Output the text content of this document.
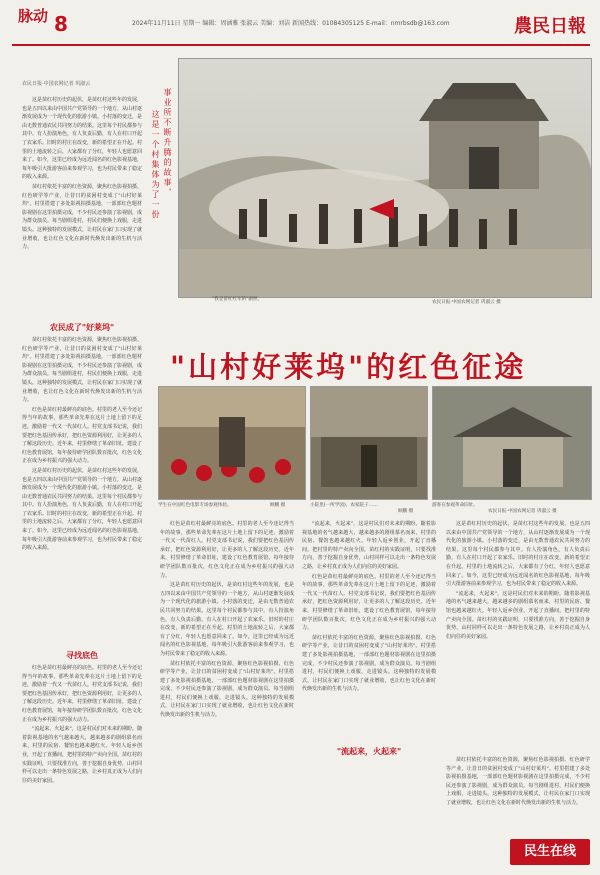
脉动 8	2024年11月11日 星期一 编辑：周涵雅 张淑云 美编：刘洁 新闻热线：01084305125 E-mail：nmrbsdb@163.com	農民日報
农民日报·中国农网记者 巩淑云

这是苗红村历史的起伏，是苗红村这些年的发展，也是五四以来由中国共产党领导的一个地方，从山村逐渐发展成为一个现代化的旅游小镇。小村落的变迁，是由无数普通农民共同努力的结果。这里每个村民都参与其中。有人扮演角色，有人负责后勤，有人在村口开起了农家乐。旧时的村庄在改变，新的希望正在升起。村里的土地流转之后，大家都有了分红，年轻人也愿意回来了。如今，这里已经成为远近闻名的红色影视基地，每年吸引大批游客前来参观学习，也为村民带来了稳定的收入来源。

苗红村依托丰富的红色资源，聚焦红色影视拍摄、红色研学等产业，让昔日的贫困村变成了"山村好莱坞"。村里搭建了多处影视拍摄基地，一部部红色题材影视剧在这里拍摄完成，不少村民还参演了影视剧，成为群众演员。每当剧组进村，村民们便换上戏服，走进镜头。这种独特的发展模式，让村民在家门口实现了就业增收，也让红色文化在新时代焕发出新的生机与活力。

事业所不断升腾的故事，
这是一个村集体为了一份
农民日报·中国农网记者 巩淑云 摄
"我是苗红红军的"剧照。
农民成了"好莱坞"

苗红村依托丰富的红色资源，聚焦红色影视拍摄、红色研学等产业，让昔日的贫困村变成了"山村好莱坞"。村里搭建了多处影视拍摄基地，一部部红色题材影视剧在这里拍摄完成，不少村民还参演了影视剧，成为群众演员。每当剧组进村，村民们便换上戏服，走进镜头。这种独特的发展模式，让村民在家门口实现了就业增收，也让红色文化在新时代焕发出新的生机与活力。

红色是苗红村最鲜亮的底色。村里的老人至今还记得当年的故事，那些革命先辈在这片土地上留下的足迹，激励着一代又一代苗红人。村党支部书记说，我们要把红色基因传承好，把红色资源利用好，让更多的人了解这段历史。近年来，村里修缮了革命旧址，建设了红色教育展馆，每年接待研学团队数百批次，红色文化正在成为乡村振兴的强大动力。

这是苗红村历史的起伏，是苗红村这些年的发展，也是五四以来由中国共产党领导的一个地方，从山村逐渐发展成为一个现代化的旅游小镇。小村落的变迁，是由无数普通农民共同努力的结果。这里每个村民都参与其中。有人扮演角色，有人负责后勤，有人在村口开起了农家乐。旧时的村庄在改变，新的希望正在升起。村里的土地流转之后，大家都有了分红，年轻人也愿意回来了。如今，这里已经成为远近闻名的红色影视基地，每年吸引大批游客前来参观学习，也为村民带来了稳定的收入来源。

"山村好莱坞"的红色征途
学生在中国红色电影专场参观体验。	顾鹏 摄	小院里(一所学园)，农家院子……
顾鹏 摄
游客在参观革命旧址。
农民日报·中国农网记者 巩淑云 摄

红色是苗红村最鲜亮的底色。村里的老人至今还记得当年的故事，那些革命先辈在这片土地上留下的足迹，激励着一代又一代苗红人。村党支部书记说，我们要把红色基因传承好，把红色资源利用好，让更多的人了解这段历史。近年来，村里修缮了革命旧址，建设了红色教育展馆，每年接待研学团队数百批次，红色文化正在成为乡村振兴的强大动力。

这是苗红村历史的起伏，是苗红村这些年的发展，也是五四以来由中国共产党领导的一个地方，从山村逐渐发展成为一个现代化的旅游小镇。小村落的变迁，是由无数普通农民共同努力的结果。这里每个村民都参与其中。有人扮演角色，有人负责后勤，有人在村口开起了农家乐。旧时的村庄在改变，新的希望正在升起。村里的土地流转之后，大家都有了分红，年轻人也愿意回来了。如今，这里已经成为远近闻名的红色影视基地，每年吸引大批游客前来参观学习，也为村民带来了稳定的收入来源。

苗红村依托丰富的红色资源，聚焦红色影视拍摄、红色研学等产业，让昔日的贫困村变成了"山村好莱坞"。村里搭建了多处影视拍摄基地，一部部红色题材影视剧在这里拍摄完成，不少村民还参演了影视剧，成为群众演员。每当剧组进村，村民们便换上戏服，走进镜头。这种独特的发展模式，让村民在家门口实现了就业增收，也让红色文化在新时代焕发出新的生机与活力。

"流起来，火起来"，这是村民们对未来的期盼。随着影视基地的名气越来越大，越来越多的剧组慕名而来，村里的民宿、餐馆也越来越红火。年轻人返乡创业，开起了直播间，把村里的特产卖向全国。苗红村的实践证明，只要找准方向，善于挖掘自身优势，山村同样可以走出一条特色发展之路，让乡村真正成为人们向往的美好家园。

红色是苗红村最鲜亮的底色。村里的老人至今还记得当年的故事，那些革命先辈在这片土地上留下的足迹，激励着一代又一代苗红人。村党支部书记说，我们要把红色基因传承好，把红色资源利用好，让更多的人了解这段历史。近年来，村里修缮了革命旧址，建设了红色教育展馆，每年接待研学团队数百批次，红色文化正在成为乡村振兴的强大动力。

苗红村依托丰富的红色资源，聚焦红色影视拍摄、红色研学等产业，让昔日的贫困村变成了"山村好莱坞"。村里搭建了多处影视拍摄基地，一部部红色题材影视剧在这里拍摄完成，不少村民还参演了影视剧，成为群众演员。每当剧组进村，村民们便换上戏服，走进镜头。这种独特的发展模式，让村民在家门口实现了就业增收，也让红色文化在新时代焕发出新的生机与活力。

这是苗红村历史的起伏，是苗红村这些年的发展，也是五四以来由中国共产党领导的一个地方，从山村逐渐发展成为一个现代化的旅游小镇。小村落的变迁，是由无数普通农民共同努力的结果。这里每个村民都参与其中。有人扮演角色，有人负责后勤，有人在村口开起了农家乐。旧时的村庄在改变，新的希望正在升起。村里的土地流转之后，大家都有了分红，年轻人也愿意回来了。如今，这里已经成为远近闻名的红色影视基地，每年吸引大批游客前来参观学习，也为村民带来了稳定的收入来源。

"流起来，火起来"，这是村民们对未来的期盼。随着影视基地的名气越来越大，越来越多的剧组慕名而来，村里的民宿、餐馆也越来越红火。年轻人返乡创业，开起了直播间，把村里的特产卖向全国。苗红村的实践证明，只要找准方向，善于挖掘自身优势，山村同样可以走出一条特色发展之路，让乡村真正成为人们向往的美好家园。

寻找底色

红色是苗红村最鲜亮的底色。村里的老人至今还记得当年的故事，那些革命先辈在这片土地上留下的足迹，激励着一代又一代苗红人。村党支部书记说，我们要把红色基因传承好，把红色资源利用好，让更多的人了解这段历史。近年来，村里修缮了革命旧址，建设了红色教育展馆，每年接待研学团队数百批次，红色文化正在成为乡村振兴的强大动力。

"流起来，火起来"，这是村民们对未来的期盼。随着影视基地的名气越来越大，越来越多的剧组慕名而来，村里的民宿、餐馆也越来越红火。年轻人返乡创业，开起了直播间，把村里的特产卖向全国。苗红村的实践证明，只要找准方向，善于挖掘自身优势，山村同样可以走出一条特色发展之路，让乡村真正成为人们向往的美好家园。

"流起来，火起来"

苗红村依托丰富的红色资源，聚焦红色影视拍摄、红色研学等产业，让昔日的贫困村变成了"山村好莱坞"。村里搭建了多处影视拍摄基地，一部部红色题材影视剧在这里拍摄完成，不少村民还参演了影视剧，成为群众演员。每当剧组进村，村民们便换上戏服，走进镜头。这种独特的发展模式，让村民在家门口实现了就业增收，也让红色文化在新时代焕发出新的生机与活力。

民生在线
